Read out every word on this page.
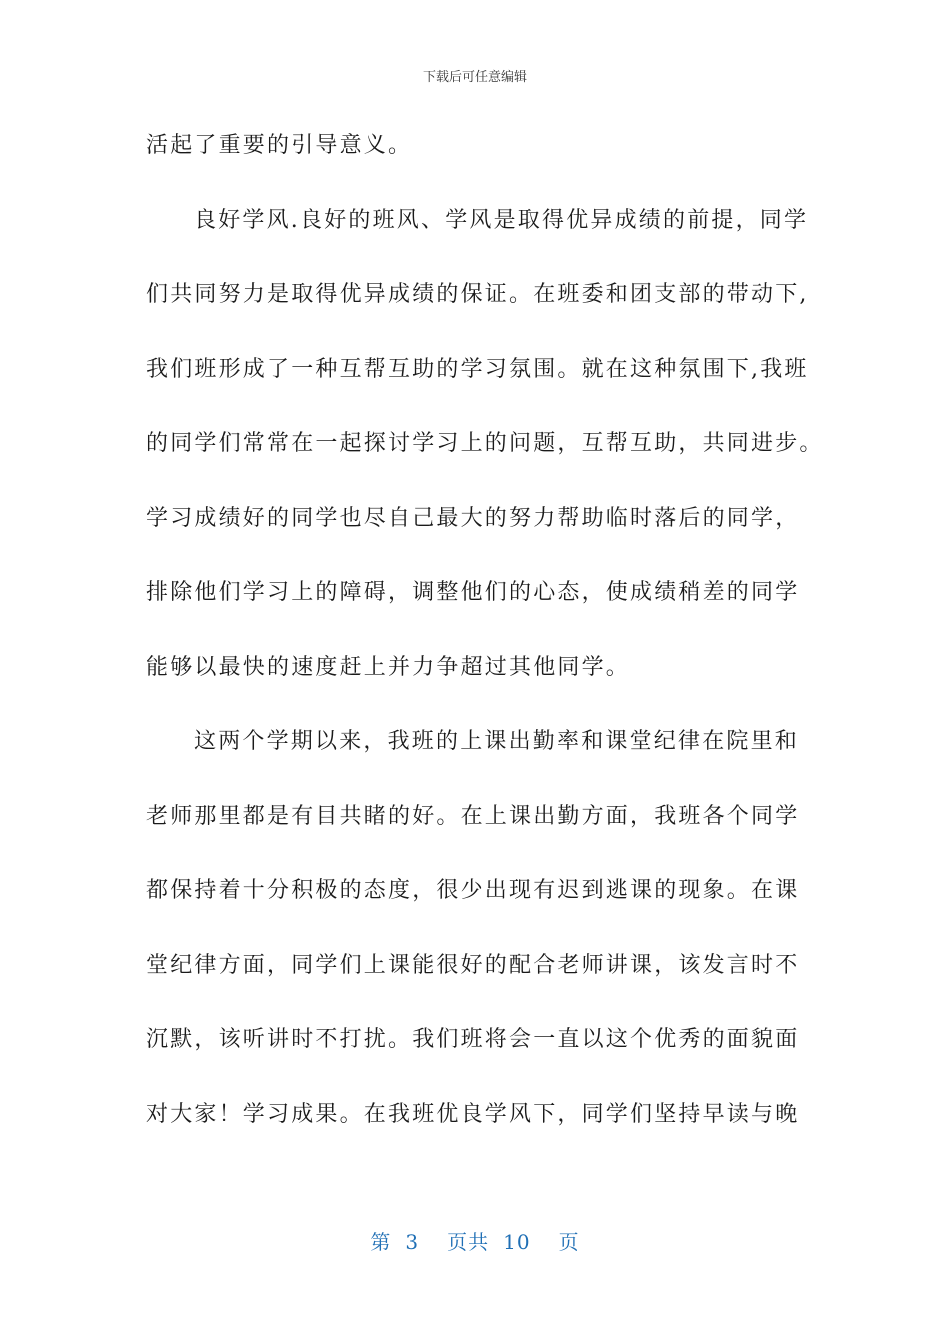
下载后可任意编辑
活起了重要的引导意义。
良好学风.良好的班风、学风是取得优异成绩的前提，同学
们共同努力是取得优异成绩的保证。在班委和团支部的带动下,
我们班形成了一种互帮互助的学习氛围。就在这种氛围下,我班
的同学们常常在一起探讨学习上的问题，互帮互助，共同进步。
学习成绩好的同学也尽自己最大的努力帮助临时落后的同学，
排除他们学习上的障碍，调整他们的心态，使成绩稍差的同学
能够以最快的速度赶上并力争超过其他同学。
这两个学期以来，我班的上课出勤率和课堂纪律在院里和
老师那里都是有目共睹的好。在上课出勤方面，我班各个同学
都保持着十分积极的态度，很少出现有迟到逃课的现象。在课
堂纪律方面，同学们上课能很好的配合老师讲课，该发言时不
沉默，该听讲时不打扰。我们班将会一直以这个优秀的面貌面
对大家！学习成果。在我班优良学风下，同学们坚持早读与晚
第 3 页共 10 页
